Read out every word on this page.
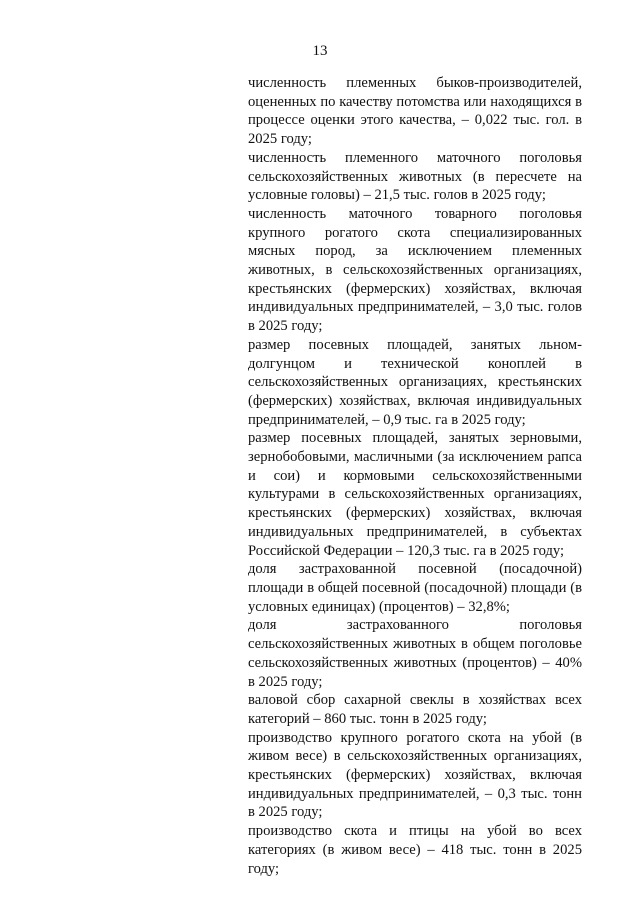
13

численность племенных быков-производителей, оцененных по качеству потомства или находящихся в процессе оценки этого качества, – 0,022 тыс. гол. в 2025 году;

численность племенного маточного поголовья сельскохозяйственных животных (в пересчете на условные головы) – 21,5 тыс. голов в 2025 году;

численность маточного товарного поголовья крупного рогатого скота специализированных мясных пород, за исключением племенных животных, в сельскохозяйственных организациях, крестьянских (фермерских) хозяйствах, включая индивидуальных предпринимателей, – 3,0 тыс. голов в 2025 году;

размер посевных площадей, занятых льном-долгунцом и технической коноплей в сельскохозяйственных организациях, крестьянских (фермерских) хозяйствах, включая индивидуальных предпринимателей, – 0,9 тыс. га в 2025 году;

размер посевных площадей, занятых зерновыми, зернобобовыми, масличными (за исключением рапса и сои) и кормовыми сельскохозяйственными культурами в сельскохозяйственных организациях, крестьянских (фермерских) хозяйствах, включая индивидуальных предпринимателей, в субъектах Российской Федерации – 120,3 тыс. га в 2025 году;

доля застрахованной посевной (посадочной) площади в общей посевной (посадочной) площади (в условных единицах) (процентов) – 32,8%;

доля застрахованного поголовья сельскохозяйственных животных в общем поголовье сельскохозяйственных животных (процентов) – 40% в 2025 году;

валовой сбор сахарной свеклы в хозяйствах всех категорий – 860 тыс. тонн в 2025 году;

производство крупного рогатого скота на убой (в живом весе) в сельскохозяйственных организациях, крестьянских (фермерских) хозяйствах, включая индивидуальных предпринимателей, – 0,3 тыс. тонн в 2025 году;

производство скота и птицы на убой во всех категориях (в живом весе) – 418 тыс. тонн в 2025 году;
